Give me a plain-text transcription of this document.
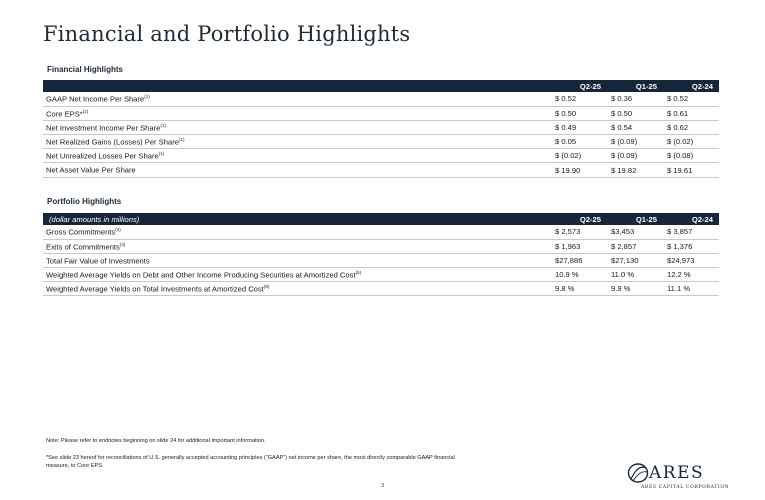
Financial and Portfolio Highlights
Financial Highlights
	Q2-25	Q1-25	Q2-24
GAAP Net Income Per Share$^{(1)}$	$ 0.52	$ 0.36	$ 0.52
Core EPS*$^{(2)}$	$ 0.50	$ 0.50	$ 0.61
Net Investment Income Per Share$^{(1)}$	$ 0.49	$ 0.54	$ 0.62
Net Realized Gains (Losses) Per Share$^{(1)}$	$ 0.05	$ (0.09)	$ (0.02)
Net Unrealized Losses Per Share$^{(1)}$	$ (0.02)	$ (0.09)	$ (0.08)
Net Asset Value Per Share	$ 19.90	$ 19.82	$ 19.61
Portfolio Highlights
(dollar amounts in millions)	Q2-25	Q1-25	Q2-24
Gross Commitments$^{(3)}$	$ 2,573	$3,453	$ 3,857
Exits of Commitments$^{(4)}$	$ 1,963	$ 2,857	$ 1,376
Total Fair Value of Investments	$27,886	$27,130	$24,973
Weighted Average Yields on Debt and Other Income Producing Securities at Amortized Cost$^{(5)}$	10.9 %	11.0 %	12.2 %
Weighted Average Yields on Total Investments at Amortized Cost$^{(6)}$	9.8 %	9.9 %	11.1 %
Note: Please refer to endnotes beginning on slide 24 for additional important information.
*See slide 23 hereof for reconciliations of U.S. generally accepted accounting principles (“GAAP”) net income per share, the most directly comparable GAAP financial
measure, to Core EPS.
3
ARES
ARES CAPITAL CORPORATION
